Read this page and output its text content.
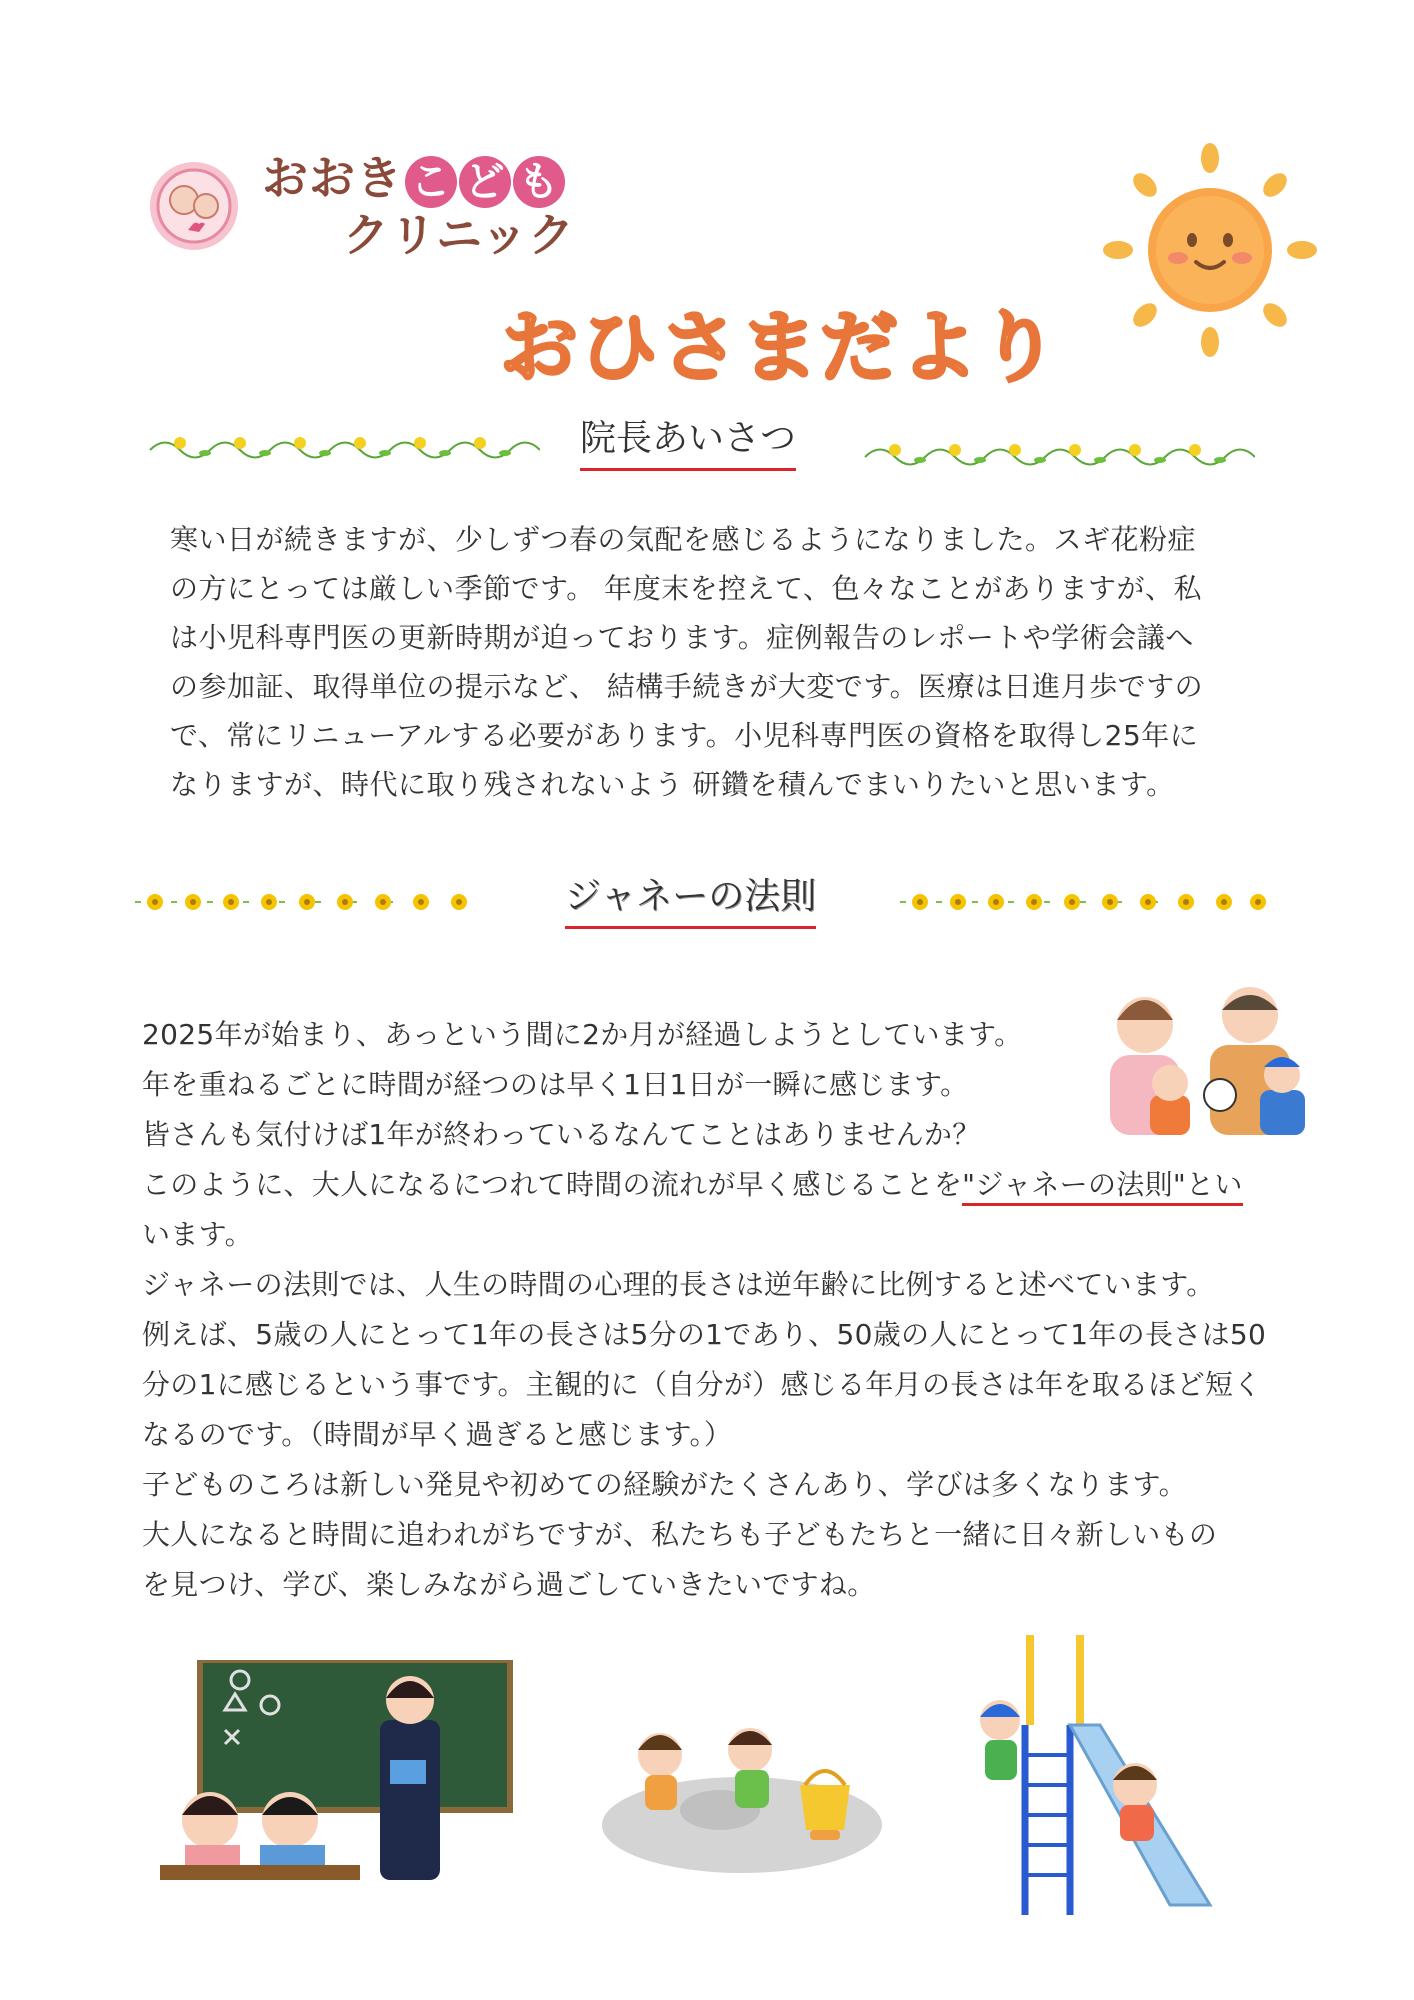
おおき こ ど も
クリニック
おひさまだより
院長あいさつ
寒い日が続きますが、少しずつ春の気配を感じるようになりました。スギ花粉症
の方にとっては厳しい季節です。 年度末を控えて、色々なことがありますが、私
は小児科専門医の更新時期が迫っております。症例報告のレポートや学術会議へ
の参加証、取得単位の提示など、 結構手続きが大変です。医療は日進月歩ですの
で、常にリニューアルする必要があります。小児科専門医の資格を取得し25年に
なりますが、時代に取り残されないよう 研鑽を積んでまいりたいと思います。
ジャネーの法則
2025年が始まり、あっという間に2か月が経過しようとしています。
年を重ねるごとに時間が経つのは早く1日1日が一瞬に感じます。
皆さんも気付けば1年が終わっているなんてことはありませんか？
このように、大人になるにつれて時間の流れが早く感じることを"ジャネーの法則"とい
います。
ジャネーの法則では、人生の時間の心理的長さは逆年齢に比例すると述べています。
例えば、5歳の人にとって1年の長さは5分の1であり、50歳の人にとって1年の長さは50
分の1に感じるという事です。主観的に（自分が）感じる年月の長さは年を取るほど短く
なるのです。（時間が早く過ぎると感じます。）
子どものころは新しい発見や初めての経験がたくさんあり、学びは多くなります。
大人になると時間に追われがちですが、私たちも子どもたちと一緒に日々新しいもの
を見つけ、学び、楽しみながら過ごしていきたいですね。
